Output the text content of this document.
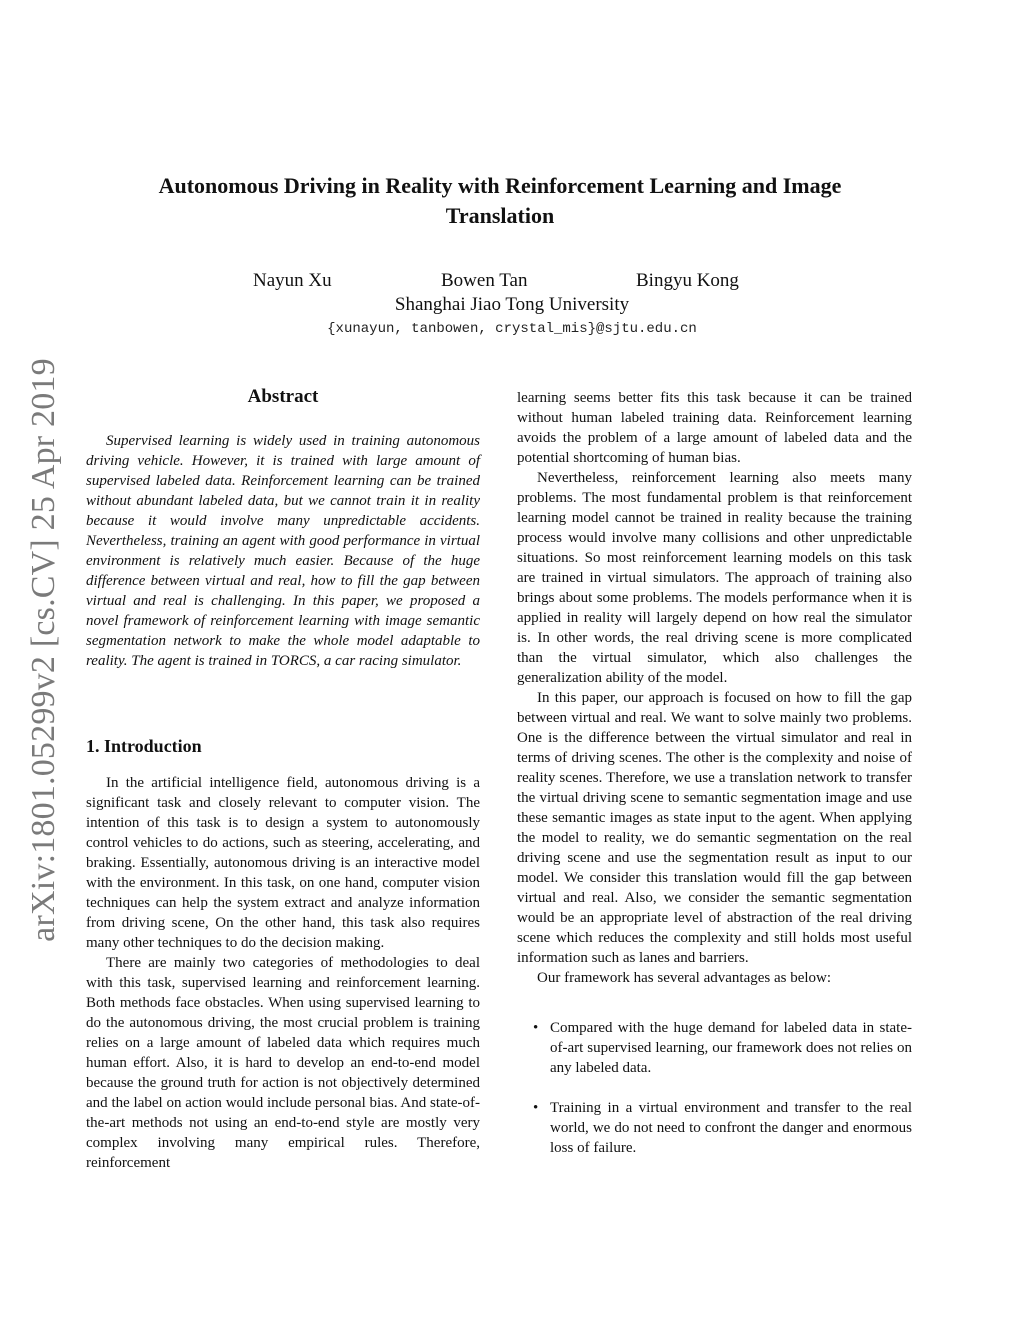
arXiv:1801.05299v2 [cs.CV] 25 Apr 2019
Autonomous Driving in Reality with Reinforcement Learning and Image Translation
Nayun Xu	Bowen Tan	Bingyu Kong
Shanghai Jiao Tong University
{xunayun, tanbowen, crystal_mis}@sjtu.edu.cn
Abstract

Supervised learning is widely used in training autonomous driving vehicle. However, it is trained with large amount of supervised labeled data. Reinforcement learning can be trained without abundant labeled data, but we cannot train it in reality because it would involve many unpredictable accidents. Nevertheless, training an agent with good performance in virtual environment is relatively much easier. Because of the huge difference between virtual and real, how to fill the gap between virtual and real is challenging. In this paper, we proposed a novel framework of reinforcement learning with image semantic segmentation network to make the whole model adaptable to reality. The agent is trained in TORCS, a car racing simulator.

1. Introduction

In the artificial intelligence field, autonomous driving is a significant task and closely relevant to computer vision. The intention of this task is to design a system to autonomously control vehicles to do actions, such as steering, accelerating, and braking. Essentially, autonomous driving is an interactive model with the environment. In this task, on one hand, computer vision techniques can help the system extract and analyze information from driving scene, On the other hand, this task also requires many other techniques to do the decision making.

There are mainly two categories of methodologies to deal with this task, supervised learning and reinforcement learning. Both methods face obstacles. When using supervised learning to do the autonomous driving, the most crucial problem is training relies on a large amount of labeled data which requires much human effort. Also, it is hard to develop an end-to-end model because the ground truth for action is not objectively determined and the label on action would include personal bias. And state-of-the-art methods not using an end-to-end style are mostly very complex involving many empirical rules. Therefore, reinforcement

learning seems better fits this task because it can be trained without human labeled training data. Reinforcement learning avoids the problem of a large amount of labeled data and the potential shortcoming of human bias.

Nevertheless, reinforcement learning also meets many problems. The most fundamental problem is that reinforcement learning model cannot be trained in reality because the training process would involve many collisions and other unpredictable situations. So most reinforcement learning models on this task are trained in virtual simulators. The approach of training also brings about some problems. The models performance when it is applied in reality will largely depend on how real the simulator is. In other words, the real driving scene is more complicated than the virtual simulator, which also challenges the generalization ability of the model.

In this paper, our approach is focused on how to fill the gap between virtual and real. We want to solve mainly two problems. One is the difference between the virtual simulator and real in terms of driving scenes. The other is the complexity and noise of reality scenes. Therefore, we use a translation network to transfer the virtual driving scene to semantic segmentation image and use these semantic images as state input to the agent. When applying the model to reality, we do semantic segmentation on the real driving scene and use the segmentation result as input to our model. We consider this translation would fill the gap between virtual and real. Also, we consider the semantic segmentation would be an appropriate level of abstraction of the real driving scene which reduces the complexity and still holds most useful information such as lanes and barriers.

Our framework has several advantages as below:

• Compared with the huge demand for labeled data in state-of-art supervised learning, our framework does not relies on any labeled data.
• Training in a virtual environment and transfer to the real world, we do not need to confront the danger and enormous loss of failure.
